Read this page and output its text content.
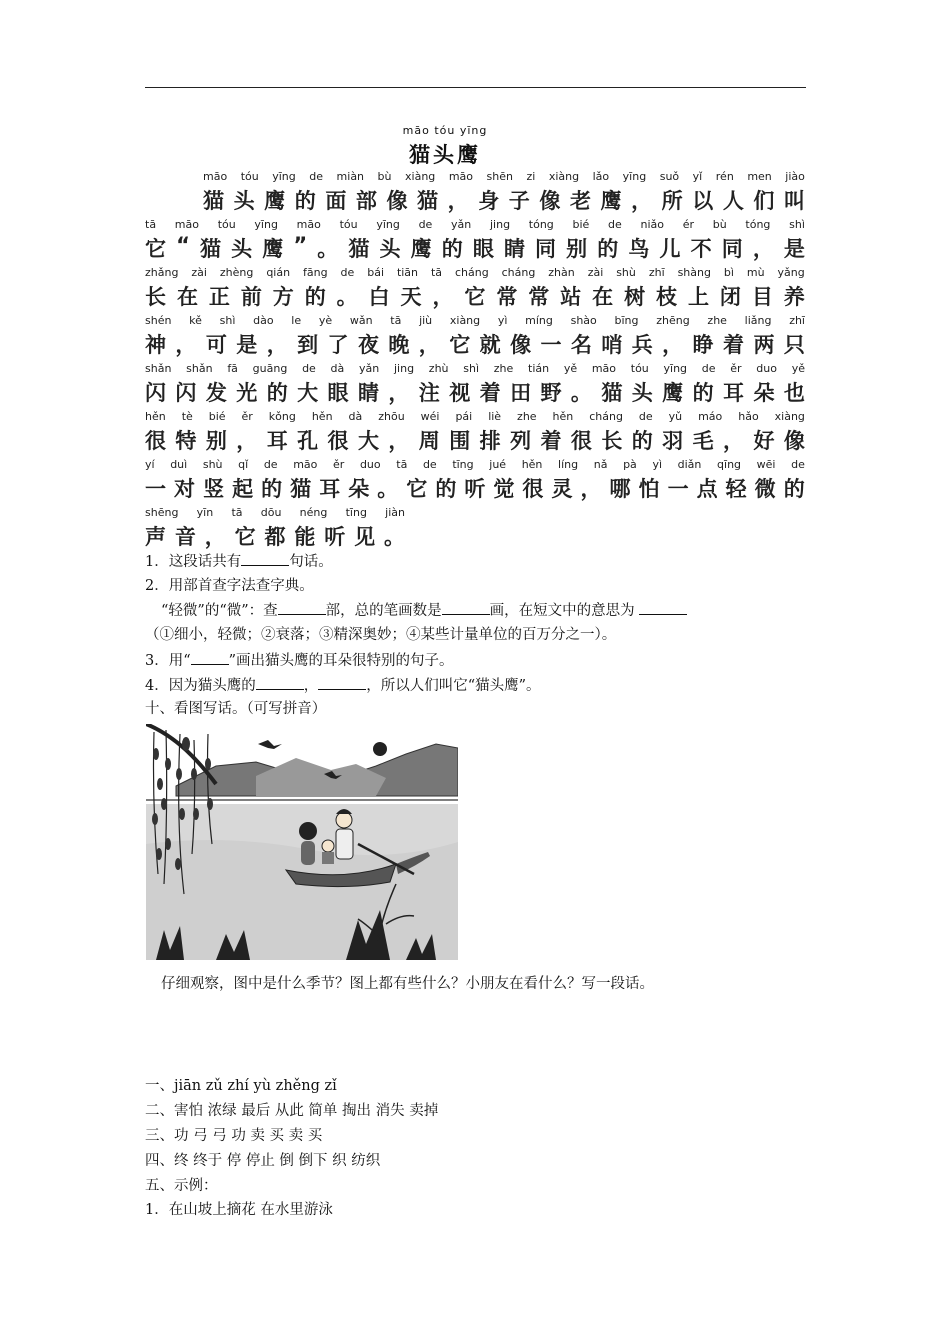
māo tóu yīng
猫头鹰
māo tóu yīng de miàn bù xiàng māo shēn zi xiàng lǎo yīng suǒ yǐ rén men jiào
猫 头 鹰 的 面 部 像 猫 ， 身 子 像 老 鹰 ， 所 以 人 们 叫
tā māo tóu yīng māo tóu yīng de yǎn jing tóng bié de niǎo ér bù tóng shì
它 “ 猫 头 鹰 ” 。 猫 头 鹰 的 眼 睛 同 别 的 鸟 儿 不 同 ， 是
zhǎng zài zhèng qián fāng de bái tiān tā cháng cháng zhàn zài shù zhī shàng bì mù yǎng
长 在 正 前 方 的 。 白 天 ， 它 常 常 站 在 树 枝 上 闭 目 养
shén kě shì dào le yè wǎn tā jiù xiàng yì míng shào bīng zhēng zhe liǎng zhī
神 ， 可 是 ， 到 了 夜 晚 ， 它 就 像 一 名 哨 兵 ， 睁 着 两 只
shǎn shǎn fā guāng de dà yǎn jing zhù shì zhe tián yě māo tóu yīng de ěr duo yě
闪 闪 发 光 的 大 眼 睛 ， 注 视 着 田 野 。 猫 头 鹰 的 耳 朵 也
hěn tè bié ěr kǒng hěn dà zhōu wéi pái liè zhe hěn cháng de yǔ máo hǎo xiàng
很 特 别 ， 耳 孔 很 大 ， 周 围 排 列 着 很 长 的 羽 毛 ， 好 像
yí duì shù qǐ de māo ěr duo tā de tīng jué hěn líng nǎ pà yì diǎn qīng wēi de
一 对 竖 起 的 猫 耳 朵 。 它 的 听 觉 很 灵 ， 哪 怕 一 点 轻 微 的
shēng yīn tā dōu néng tīng jiàn
声 音 ， 它 都 能 听 见 。
1．这段话共有	句话。
2．用部首查字法查字典。
“轻微”的“微”：查	部，总的笔画数是	画，在短文中的意思为
（①细小，轻微；②衰落；③精深奥妙；④某些计量单位的百万分之一）。
3．用“	”画出猫头鹰的耳朵很特别的句子。
4．因为猫头鹰的	，	，所以人们叫它“猫头鹰”。
十、看图写话。（可写拼音）
仔细观察，图中是什么季节？图上都有些什么？小朋友在看什么？写一段话。
一、jiān zǔ zhí yù zhěng zǐ
二、害怕 浓绿 最后 从此 简单 掏出 消失 卖掉
三、功 弓 弓 功 卖 买 卖 买
四、终 终于 停 停止 倒 倒下 织 纺织
五、示例：
1．在山坡上摘花 在水里游泳
